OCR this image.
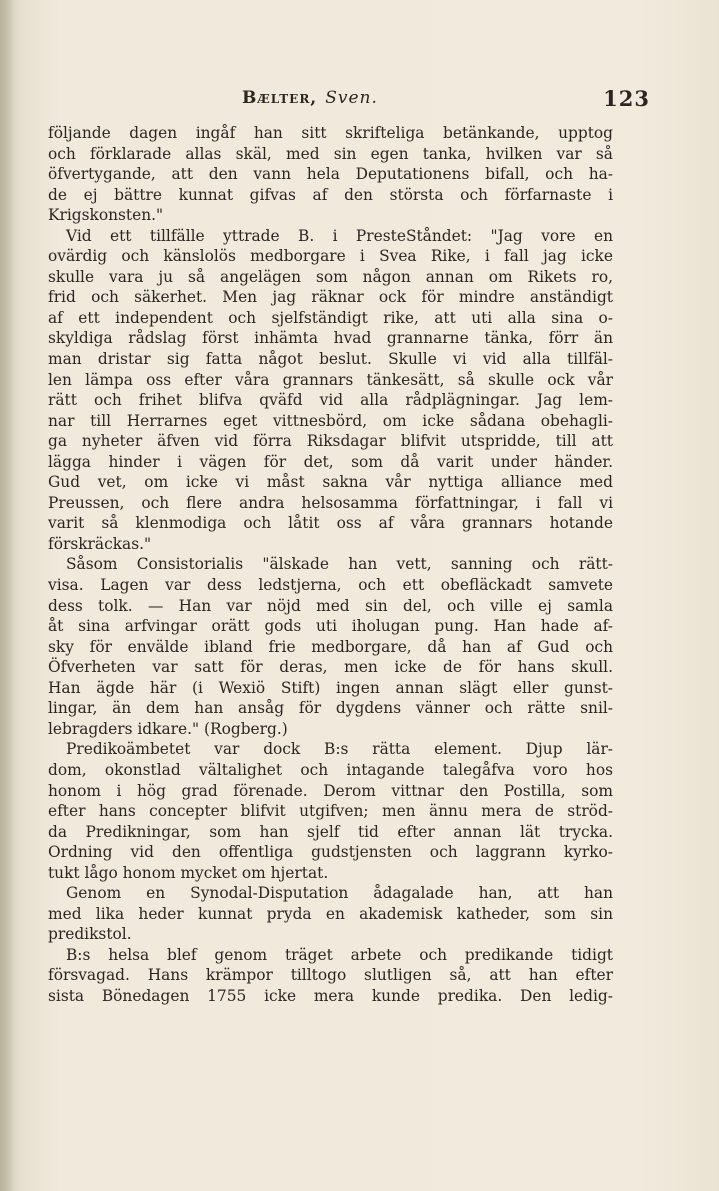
Bælter, Sven.	123
följande dagen ingåf han sitt skrifteliga betänkande, upptog
och förklarade allas skäl, med sin egen tanka, hvilken var så
öfvertygande, att den vann hela Deputationens bifall, och ha-
de ej bättre kunnat gifvas af den största och förfarnaste i
Krigskonsten."
Vid ett tillfälle yttrade B. i PresteStåndet: "Jag vore en
ovärdig och känslolös medborgare i Svea Rike, i fall jag icke
skulle vara ju så angelägen som någon annan om Rikets ro,
frid och säkerhet. Men jag räknar ock för mindre anständigt
af ett independent och sjelfständigt rike, att uti alla sina o-
skyldiga rådslag först inhämta hvad grannarne tänka, förr än
man dristar sig fatta något beslut. Skulle vi vid alla tillfäl-
len lämpa oss efter våra grannars tänkesätt, så skulle ock vår
rätt och frihet blifva qväfd vid alla rådplägningar. Jag lem-
nar till Herrarnes eget vittnesbörd, om icke sådana obehagli-
ga nyheter äfven vid förra Riksdagar blifvit utspridde, till att
lägga hinder i vägen för det, som då varit under händer.
Gud vet, om icke vi måst sakna vår nyttiga alliance med
Preussen, och flere andra helsosamma författningar, i fall vi
varit så klenmodiga och låtit oss af våra grannars hotande
förskräckas."
Såsom Consistorialis "älskade han vett, sanning och rätt-
visa. Lagen var dess ledstjerna, och ett obefläckadt samvete
dess tolk. — Han var nöjd med sin del, och ville ej samla
åt sina arfvingar orätt gods uti iholugan pung. Han hade af-
sky för envälde ibland frie medborgare, då han af Gud och
Öfverheten var satt för deras, men icke de för hans skull.
Han ägde här (i Wexiö Stift) ingen annan slägt eller gunst-
lingar, än dem han ansåg för dygdens vänner och rätte snil-
lebragders idkare." (Rogberg.)
Predikoämbetet var dock B:s rätta element. Djup lär-
dom, okonstlad vältalighet och intagande talegåfva voro hos
honom i hög grad förenade. Derom vittnar den Postilla, som
efter hans concepter blifvit utgifven; men ännu mera de ströd-
da Predikningar, som han sjelf tid efter annan lät trycka.
Ordning vid den offentliga gudstjensten och laggrann kyrko-
tukt lågo honom mycket om hjertat.
Genom en Synodal-Disputation ådagalade han, att han
med lika heder kunnat pryda en akademisk katheder, som sin
predikstol.
B:s helsa blef genom träget arbete och predikande tidigt
försvagad. Hans krämpor tilltogo slutligen så, att han efter
sista Bönedagen 1755 icke mera kunde predika. Den ledig-
